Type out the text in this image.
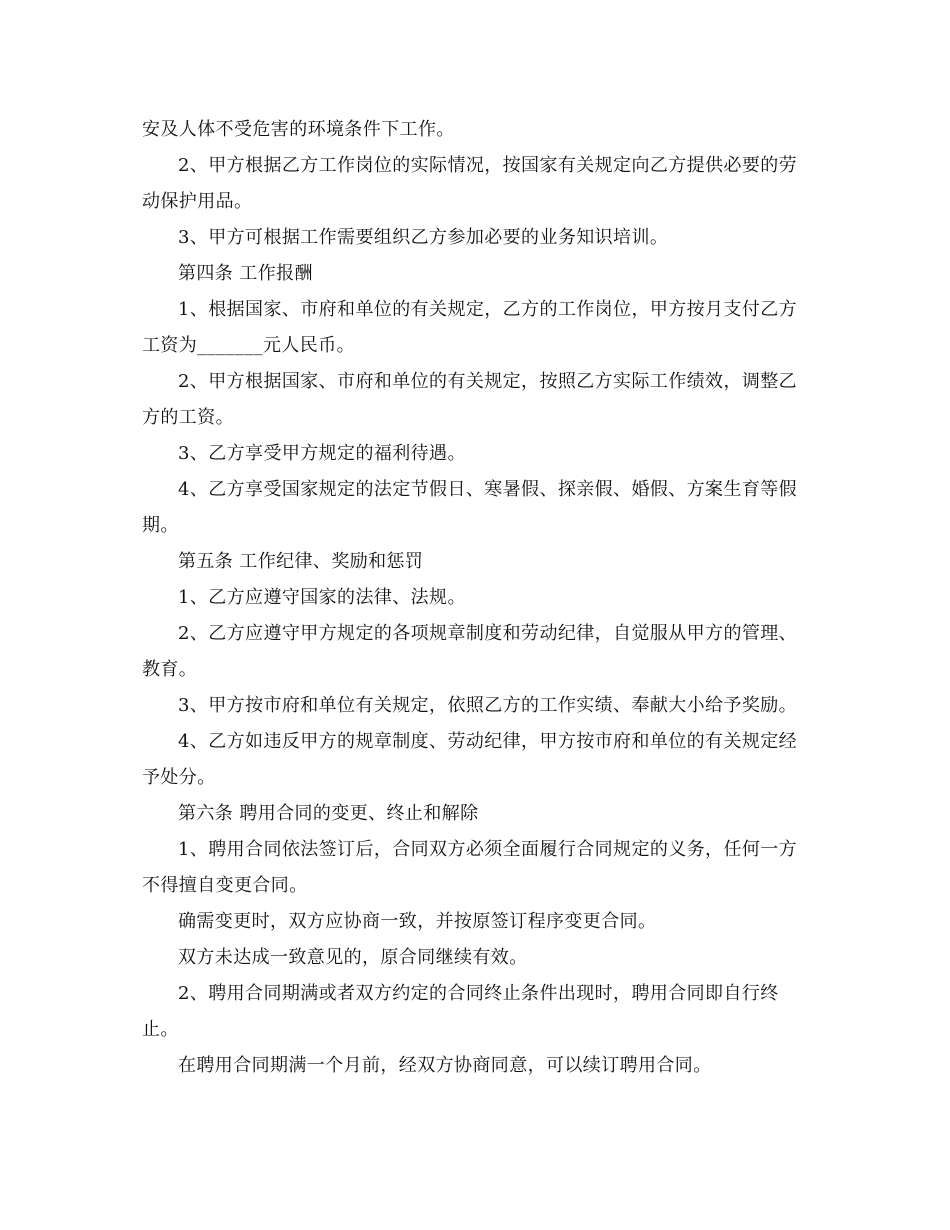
安及人体不受危害的环境条件下工作。

2、甲方根据乙方工作岗位的实际情况，按国家有关规定向乙方提供必要的劳动保护用品。

3、甲方可根据工作需要组织乙方参加必要的业务知识培训。

第四条 工作报酬

1、根据国家、市府和单位的有关规定，乙方的工作岗位，甲方按月支付乙方工资为_______元人民币。

2、甲方根据国家、市府和单位的有关规定，按照乙方实际工作绩效，调整乙方的工资。

3、乙方享受甲方规定的福利待遇。

4、乙方享受国家规定的法定节假日、寒暑假、探亲假、婚假、方案生育等假期。

第五条 工作纪律、奖励和惩罚

1、乙方应遵守国家的法律、法规。

2、乙方应遵守甲方规定的各项规章制度和劳动纪律，自觉服从甲方的管理、教育。

3、甲方按市府和单位有关规定，依照乙方的工作实绩、奉献大小给予奖励。

4、乙方如违反甲方的规章制度、劳动纪律，甲方按市府和单位的有关规定经予处分。

第六条 聘用合同的变更、终止和解除

1、聘用合同依法签订后，合同双方必须全面履行合同规定的义务，任何一方不得擅自变更合同。

确需变更时，双方应协商一致，并按原签订程序变更合同。

双方未达成一致意见的，原合同继续有效。

2、聘用合同期满或者双方约定的合同终止条件出现时，聘用合同即自行终止。

在聘用合同期满一个月前，经双方协商同意，可以续订聘用合同。
